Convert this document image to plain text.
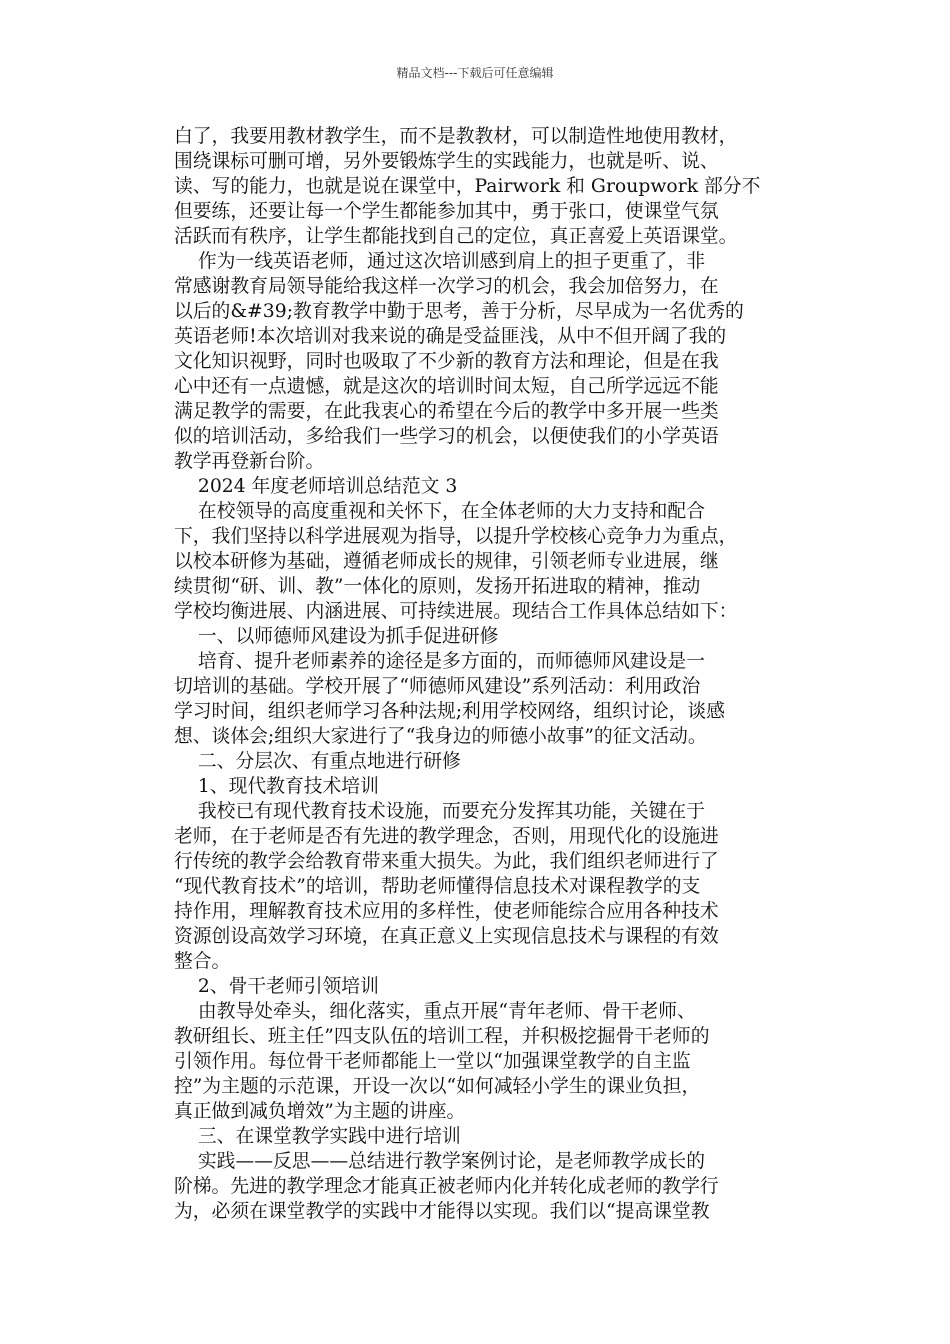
精品文档---下载后可任意编辑

白了，我要用教材教学生，而不是教教材，可以制造性地使用教材，

围绕课标可删可增，另外要锻炼学生的实践能力，也就是听、说、

读、写的能力，也就是说在课堂中，Pairwork 和 Groupwork 部分不

但要练，还要让每一个学生都能参加其中，勇于张口，使课堂气氛

活跃而有秩序，让学生都能找到自己的定位，真正喜爱上英语课堂。

作为一线英语老师，通过这次培训感到肩上的担子更重了，非

常感谢教育局领导能给我这样一次学习的机会，我会加倍努力，在

以后的&#39;教育教学中勤于思考，善于分析，尽早成为一名优秀的

英语老师!本次培训对我来说的确是受益匪浅，从中不但开阔了我的

文化知识视野，同时也吸取了不少新的教育方法和理论，但是在我

心中还有一点遗憾，就是这次的培训时间太短，自己所学远远不能

满足教学的需要，在此我衷心的希望在今后的教学中多开展一些类

似的培训活动，多给我们一些学习的机会，以便使我们的小学英语

教学再登新台阶。

2024 年度老师培训总结范文 3

在校领导的高度重视和关怀下，在全体老师的大力支持和配合

下，我们坚持以科学进展观为指导，以提升学校核心竞争力为重点，

以校本研修为基础，遵循老师成长的规律，引领老师专业进展，继

续贯彻“研、训、教”一体化的原则，发扬开拓进取的精神，推动

学校均衡进展、内涵进展、可持续进展。现结合工作具体总结如下：

一、以师德师风建设为抓手促进研修

培育、提升老师素养的途径是多方面的，而师德师风建设是一

切培训的基础。学校开展了“师德师风建设”系列活动：利用政治

学习时间，组织老师学习各种法规;利用学校网络，组织讨论，谈感

想、谈体会;组织大家进行了“我身边的师德小故事”的征文活动。

二、分层次、有重点地进行研修

1、现代教育技术培训

我校已有现代教育技术设施，而要充分发挥其功能，关键在于

老师，在于老师是否有先进的教学理念，否则，用现代化的设施进

行传统的教学会给教育带来重大损失。为此，我们组织老师进行了

“现代教育技术”的培训，帮助老师懂得信息技术对课程教学的支

持作用，理解教育技术应用的多样性，使老师能综合应用各种技术

资源创设高效学习环境，在真正意义上实现信息技术与课程的有效

整合。

2、骨干老师引领培训

由教导处牵头，细化落实，重点开展“青年老师、骨干老师、

教研组长、班主任”四支队伍的培训工程，并积极挖掘骨干老师的

引领作用。每位骨干老师都能上一堂以“加强课堂教学的自主监

控”为主题的示范课，开设一次以“如何减轻小学生的课业负担，

真正做到减负增效”为主题的讲座。

三、在课堂教学实践中进行培训

实践——反思——总结进行教学案例讨论，是老师教学成长的

阶梯。先进的教学理念才能真正被老师内化并转化成老师的教学行

为，必须在课堂教学的实践中才能得以实现。我们以“提高课堂教
